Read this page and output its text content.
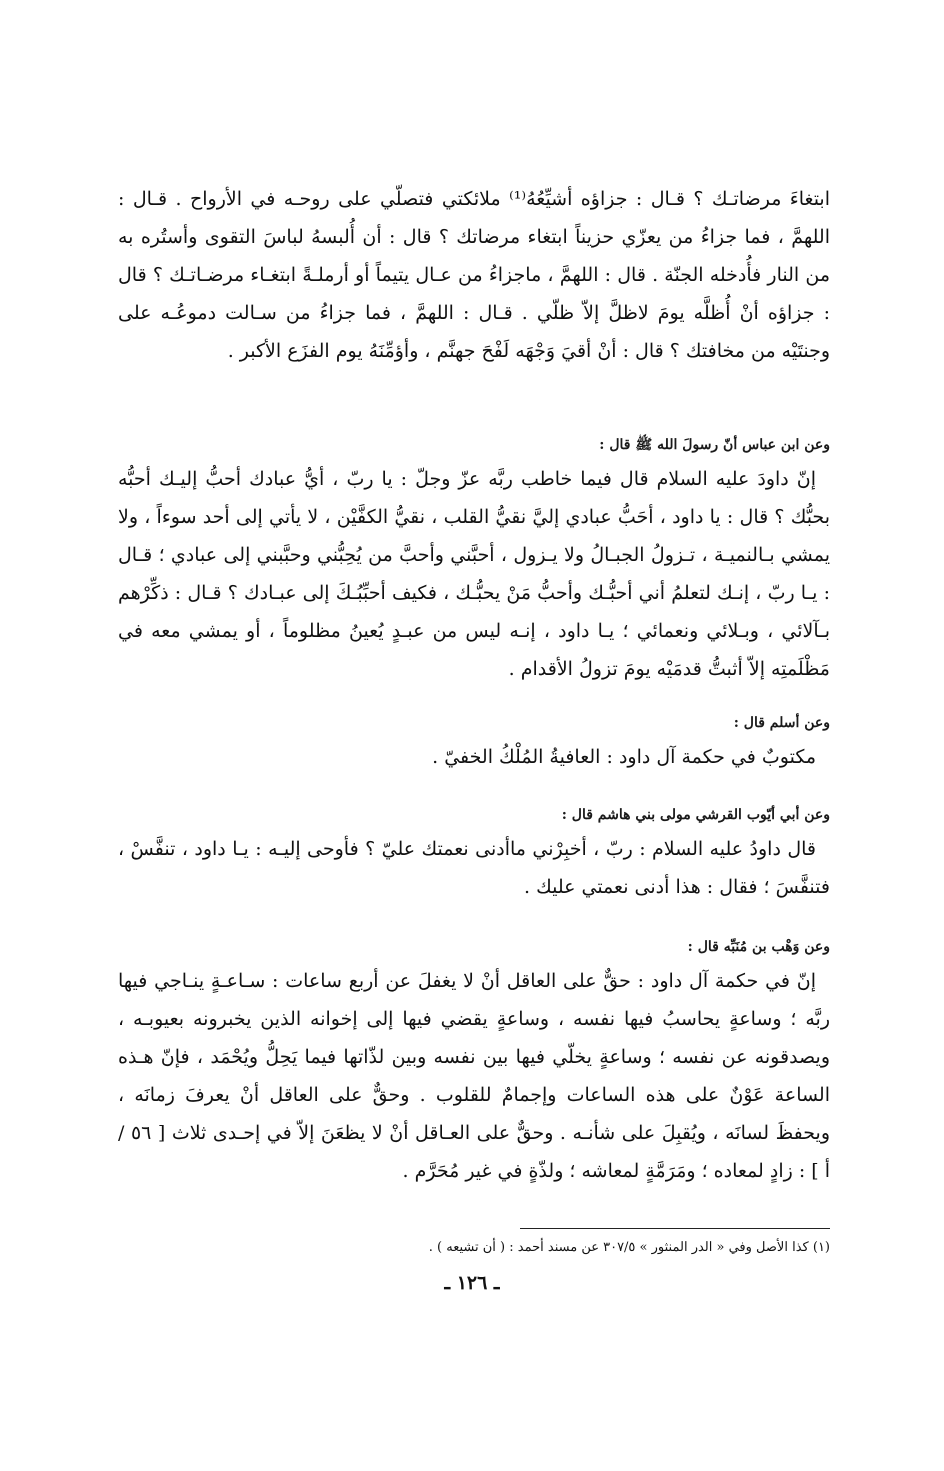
ابتغاءَ مرضاتـك ؟ قـال : جزاؤه أشيِّعُهُ⁽¹⁾ ملائكتي فتصلّي على روحـه في الأرواح . قـال : اللهمَّ ، فما جزاءُ من يعزّي حزيناً ابتغاء مرضاتك ؟ قال : أن أُلبسهُ لباسَ التقوى وأستُره به من النار فأُدخله الجنّة . قال : اللهمَّ ، ماجزاءُ من عـال يتيماً أو أرملـةً ابتغـاء مرضـاتـك ؟ قال : جزاؤه أنْ أُظلَّه يومَ لاظلَّ إلاّ ظلّي . قـال : اللهمَّ ، فما جزاءُ من سـالت دموعُـه على وجنتَيْه من مخافتك ؟ قال : أنْ أقيَ وَجْهَه لَفْحَ جهنَّم ، وأؤمِّنَهُ يوم الفزَع الأكبر .

وعن ابن عباس أنّ رسولَ الله ﷺ قال :

إنّ داودَ عليه السلام قال فيما خاطب ربَّه عزّ وجلّ : يا ربّ ، أيُّ عبادك أحبُّ إليـك أحبُّه بحبُّك ؟ قال : يا داود ، أحَبُّ عبادي إليَّ نقيُّ القلب ، نقيُّ الكفَّيْن ، لا يأتي إلى أحد سوءاً ، ولا يمشي بـالنميـة ، تـزولُ الجبـالُ ولا يـزول ، أحبَّني وأحبَّ من يُحِبُّني وحبَّبني إلى عبادي ؛ قـال : يـا ربّ ، إنـك لتعلمُ أني أحبُّـك وأحبُّ مَنْ يحبُّـك ، فكيف أحبِّبُـكَ إلى عبـادك ؟ قـال : ذكِّرْهم بـآلائي ، وبـلائي ونعمائي ؛ يـا داود ، إنـه ليس من عبـدٍ يُعينُ مظلوماً ، أو يمشي معه في مَظْلَمتِه إلاّ أثبتُّ قدمَيْه يومَ تزولُ الأقدام .

وعن أسلم قال :

مكتوبٌ في حكمة آل داود : العافيةُ المُلْكُ الخفيّ .

وعن أبي أيّوب القرشي مولى بني هاشم قال :

قال داودُ عليه السلام : ربّ ، أخبِرْني ماأدنى نعمتك عليّ ؟ فأوحى إليـه : يـا داود ، تنفَّسْ ، فتنفَّسَ ؛ فقال : هذا أدنى نعمتي عليك .

وعن وَهْب بن مُنَبِّه قال :

إنّ في حكمة آل داود : حقٌّ على العاقل أنْ لا يغفلَ عن أربع ساعات : سـاعـةٍ ينـاجي فيها ربَّه ؛ وساعةٍ يحاسبُ فيها نفسه ، وساعةٍ يقضي فيها إلى إخوانه الذين يخبرونه بعيوبـه ، ويصدقونه عن نفسه ؛ وساعةٍ يخلّي فيها بين نفسه وبين لذّاتها فيما يَحِلُّ ويُحْمَد ، فإنّ هـذه الساعة عَوْنٌ على هذه الساعات وإجمامٌ للقلوب . وحقٌّ على العاقل أنْ يعرفَ زمانَه ، ويحفظَ لسانَه ، ويُقبِلَ على شأنـه . وحقٌّ على العـاقل أنْ لا يظعَنَ إلاّ في إحـدى ثلاث [ ٥٦ / أ ] : زادٍ لمعاده ؛ ومَرَمَّةٍ لمعاشه ؛ ولذّةٍ في غير مُحَرَّم .

(١) كذا الأصل وفي « الدر المنثور » ٣٠٧/٥ عن مسند أحمد : ( أن تشيعه ) .

ـ ١٢٦ ـ
